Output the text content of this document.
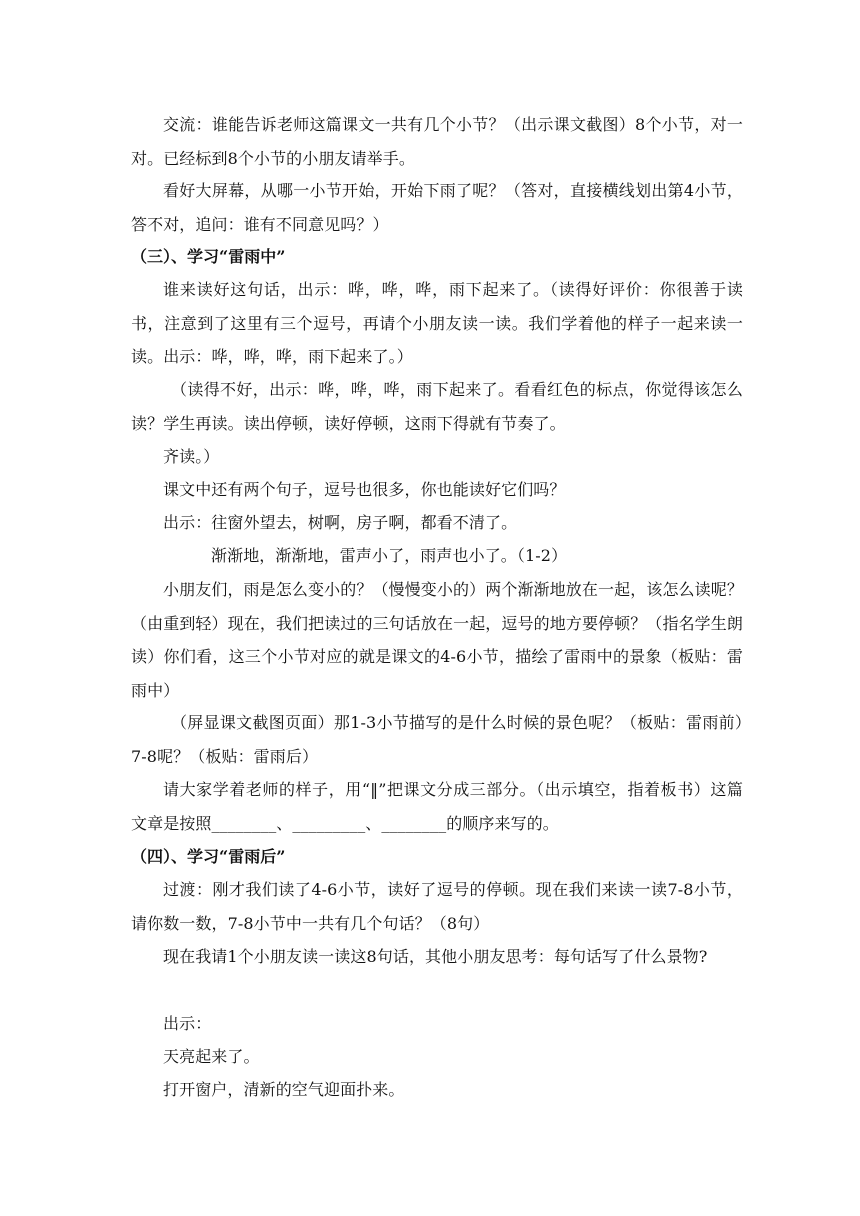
交流：谁能告诉老师这篇课文一共有几个小节？（出示课文截图）8个小节，对一对。已经标到8个小节的小朋友请举手。

看好大屏幕，从哪一小节开始，开始下雨了呢？（答对，直接横线划出第4小节，答不对，追问：谁有不同意见吗？）

（三）、学习“雷雨中”

谁来读好这句话，出示：哗，哗，哗，雨下起来了。（读得好评价：你很善于读书，注意到了这里有三个逗号，再请个小朋友读一读。我们学着他的样子一起来读一读。出示：哗，哗，哗，雨下起来了。）

（读得不好，出示：哗，哗，哗，雨下起来了。看看红色的标点，你觉得该怎么读？学生再读。读出停顿，读好停顿，这雨下得就有节奏了。

齐读。）

课文中还有两个句子，逗号也很多，你也能读好它们吗？

出示：往窗外望去，树啊，房子啊，都看不清了。

渐渐地，渐渐地，雷声小了，雨声也小了。（1-2）

小朋友们，雨是怎么变小的？（慢慢变小的）两个渐渐地放在一起，该怎么读呢？（由重到轻）现在，我们把读过的三句话放在一起，逗号的地方要停顿？（指名学生朗读）你们看，这三个小节对应的就是课文的4-6小节，描绘了雷雨中的景象（板贴：雷雨中）

（屏显课文截图页面）那1-3小节描写的是什么时候的景色呢？（板贴：雷雨前）7-8呢？（板贴：雷雨后）

请大家学着老师的样子，用“‖”把课文分成三部分。（出示填空，指着板书）这篇文章是按照________、_________、________的顺序来写的。

（四）、学习“雷雨后”

过渡：刚才我们读了4-6小节，读好了逗号的停顿。现在我们来读一读7-8小节，请你数一数，7-8小节中一共有几个句话？（8句）

现在我请1个小朋友读一读这8句话，其他小朋友思考：每句话写了什么景物?

出示：

天亮起来了。

打开窗户，清新的空气迎面扑来。
